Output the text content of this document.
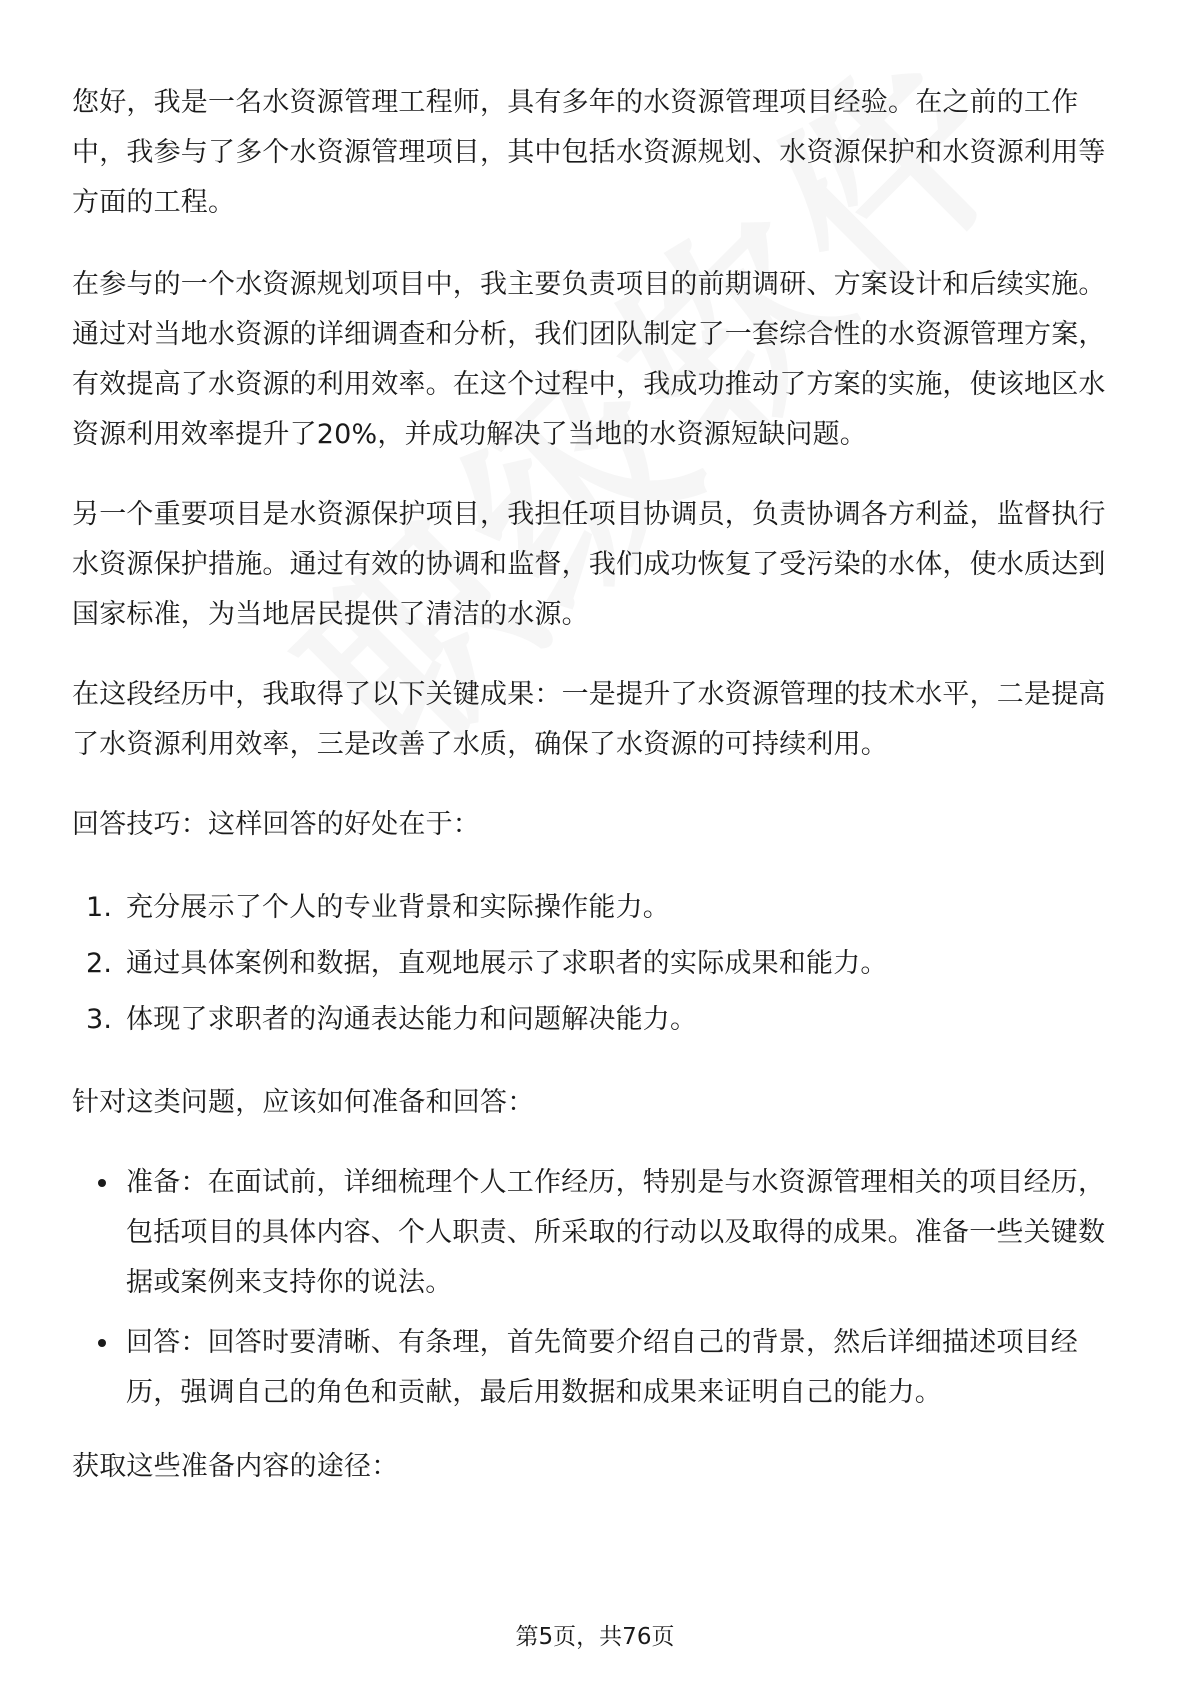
您好，我是一名水资源管理工程师，具有多年的水资源管理项目经验。在之前的工作中，我参与了多个水资源管理项目，其中包括水资源规划、水资源保护和水资源利用等方面的工程。

在参与的一个水资源规划项目中，我主要负责项目的前期调研、方案设计和后续实施。通过对当地水资源的详细调查和分析，我们团队制定了一套综合性的水资源管理方案，有效提高了水资源的利用效率。在这个过程中，我成功推动了方案的实施，使该地区水资源利用效率提升了20%，并成功解决了当地的水资源短缺问题。

另一个重要项目是水资源保护项目，我担任项目协调员，负责协调各方利益，监督执行水资源保护措施。通过有效的协调和监督，我们成功恢复了受污染的水体，使水质达到国家标准，为当地居民提供了清洁的水源。

在这段经历中，我取得了以下关键成果：一是提升了水资源管理的技术水平，二是提高了水资源利用效率，三是改善了水质，确保了水资源的可持续利用。

回答技巧：这样回答的好处在于：

1. 充分展示了个人的专业背景和实际操作能力。
2. 通过具体案例和数据，直观地展示了求职者的实际成果和能力。
3. 体现了求职者的沟通表达能力和问题解决能力。

针对这类问题，应该如何准备和回答：

准备：在面试前，详细梳理个人工作经历，特别是与水资源管理相关的项目经历，包括项目的具体内容、个人职责、所采取的行动以及取得的成果。准备一些关键数据或案例来支持你的说法。
回答：回答时要清晰、有条理，首先简要介绍自己的背景，然后详细描述项目经历，强调自己的角色和贡献，最后用数据和成果来证明自己的能力。

获取这些准备内容的途径：

第5页，共76页
